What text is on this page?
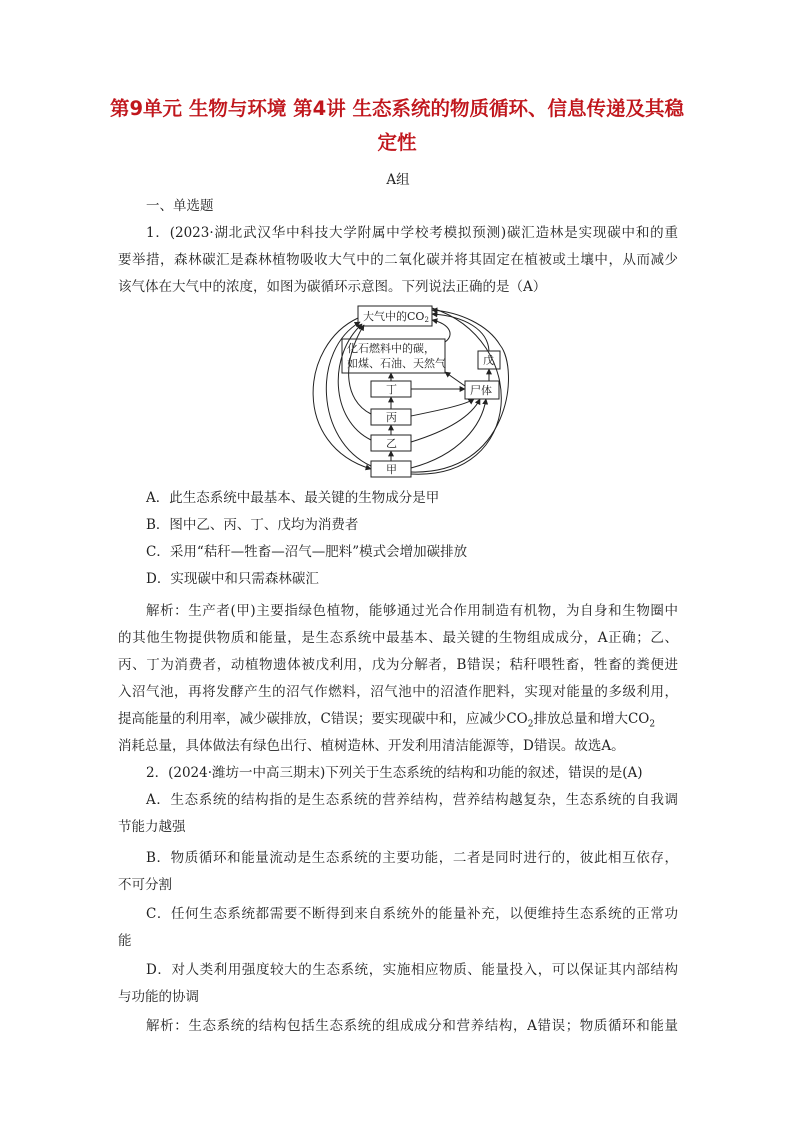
第9单元 生物与环境 第4讲 生态系统的物质循环、信息传递及其稳
定性
A组
一、单选题
1．(2023·湖北武汉华中科技大学附属中学校考模拟预测)碳汇造林是实现碳中和的重
要举措，森林碳汇是森林植物吸收大气中的二氧化碳并将其固定在植被或土壤中，从而减少
该气体在大气中的浓度，如图为碳循环示意图。下列说法正确的是（A）
大气中的CO2
化石燃料中的碳，
如煤、石油、天然气	戊
丁	尸体
丙
乙
甲
A．此生态系统中最基本、最关键的生物成分是甲
B．图中乙、丙、丁、戊均为消费者
C．采用“秸秆—牲畜—沼气—肥料”模式会增加碳排放
D．实现碳中和只需森林碳汇
解析：生产者(甲)主要指绿色植物，能够通过光合作用制造有机物，为自身和生物圈中
的其他生物提供物质和能量，是生态系统中最基本、最关键的生物组成成分，A正确；乙、
丙、丁为消费者，动植物遗体被戊利用，戊为分解者，B错误；秸秆喂牲畜，牲畜的粪便进
入沼气池，再将发酵产生的沼气作燃料，沼气池中的沼渣作肥料，实现对能量的多级利用，
提高能量的利用率，减少碳排放，C错误；要实现碳中和，应减少$CO_2$排放总量和增大$CO_2$
消耗总量，具体做法有绿色出行、植树造林、开发利用清洁能源等，D错误。故选A。
2．(2024·潍坊一中高三期末)下列关于生态系统的结构和功能的叙述，错误的是(A)
A．生态系统的结构指的是生态系统的营养结构，营养结构越复杂，生态系统的自我调
节能力越强
B．物质循环和能量流动是生态系统的主要功能，二者是同时进行的，彼此相互依存，
不可分割
C．任何生态系统都需要不断得到来自系统外的能量补充，以便维持生态系统的正常功
能
D．对人类利用强度较大的生态系统，实施相应物质、能量投入，可以保证其内部结构
与功能的协调
解析：生态系统的结构包括生态系统的组成成分和营养结构，A错误；物质循环和能量
